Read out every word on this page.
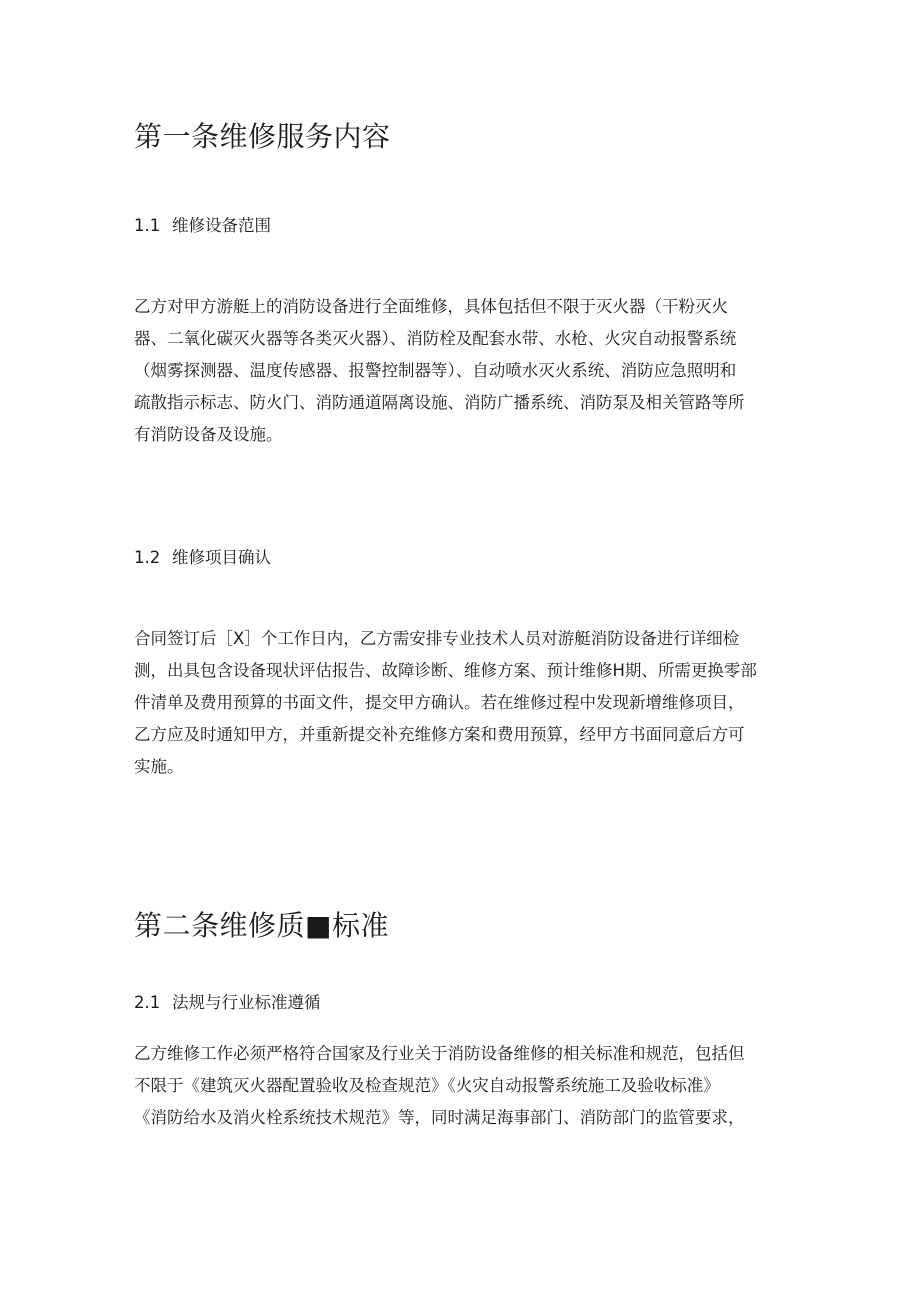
第一条维修服务内容
1.1 维修设备范围
乙方对甲方游艇上的消防设备进行全面维修，具体包括但不限于灭火器（干粉灭火
器、二氧化碳灭火器等各类灭火器）、消防栓及配套水带、水枪、火灾自动报警系统
（烟雾探测器、温度传感器、报警控制器等）、自动喷水灭火系统、消防应急照明和
疏散指示标志、防火门、消防通道隔离设施、消防广播系统、消防泵及相关管路等所
有消防设备及设施。
1.2 维修项目确认
合同签订后［X］个工作日内，乙方需安排专业技术人员对游艇消防设备进行详细检
测，出具包含设备现状评估报告、故障诊断、维修方案、预计维修H期、所需更换零部
件清单及费用预算的书面文件，提交甲方确认。若在维修过程中发现新增维修项目，
乙方应及时通知甲方，并重新提交补充维修方案和费用预算，经甲方书面同意后方可
实施。
第二条维修质■标准
2.1 法规与行业标准遵循
乙方维修工作必须严格符合国家及行业关于消防设备维修的相关标准和规范，包括但
不限于《建筑灭火器配置验收及检查规范》《火灾自动报警系统施工及验收标准》
《消防给水及消火栓系统技术规范》等，同时满足海事部门、消防部门的监管要求，
